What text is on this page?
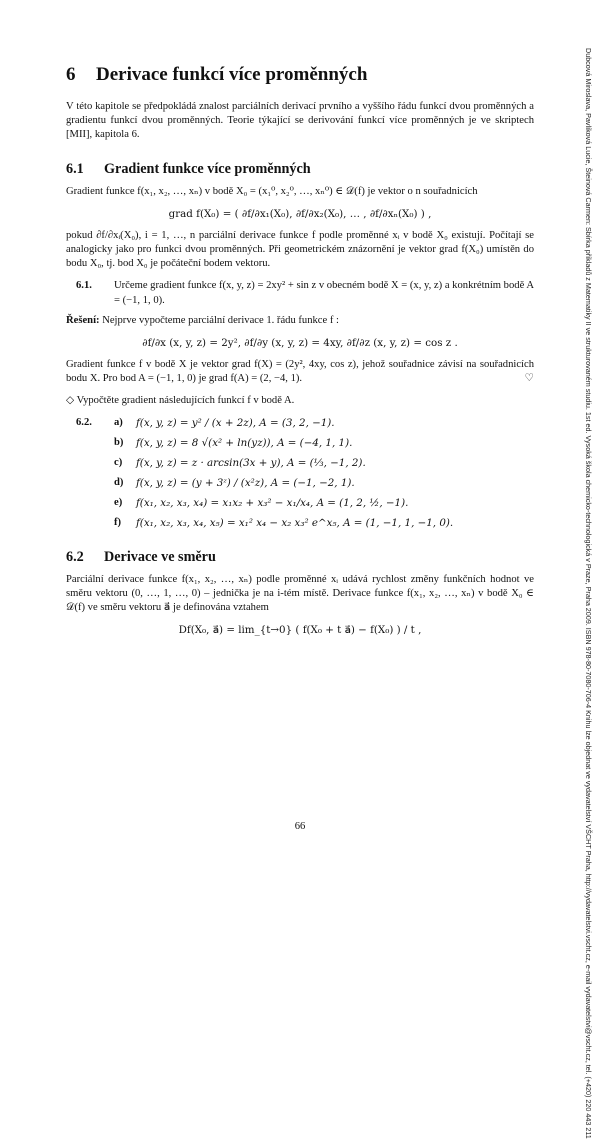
6 Derivace funkcí více proměnných

V této kapitole se předpokládá znalost parciálních derivací prvního a vyššího řádu funkcí dvou proměnných a gradientu funkcí dvou proměnných. Teorie týkající se derivování funkcí více proměnných je ve skriptech [MII], kapitola 6.

6.1 Gradient funkce více proměnných

Gradient funkce f(x₁, x₂, …, xₙ) v bodě X₀ = (x₁⁰, x₂⁰, …, xₙ⁰) ∈ 𝒟(f) je vektor o n souřadnicích

grad f(X₀) = ( ∂f/∂x₁(X₀), ∂f/∂x₂(X₀), … , ∂f/∂xₙ(X₀) ) ,

pokud ∂f/∂xᵢ(X₀), i = 1, …, n parciální derivace funkce f podle proměnné xᵢ v bodě X₀ existují. Počítají se analogicky jako pro funkci dvou proměnných. Při geometrickém znázornění je vektor grad f(X₀) umístěn do bodu X₀, tj. bod X₀ je počáteční bodem vektoru.

6.1.	Určeme gradient funkce f(x, y, z) = 2xy² + sin z v obecném bodě X = (x, y, z) a konkrétním bodě A = (−1, 1, 0).

Řešení: Nejprve vypočteme parciální derivace 1. řádu funkce f :

∂f/∂x (x, y, z) = 2y², ∂f/∂y (x, y, z) = 4xy, ∂f/∂z (x, y, z) = cos z .

Gradient funkce f v bodě X je vektor grad f(X) = (2y², 4xy, cos z), jehož souřadnice závisí na souřadnicích bodu X. Pro bod A = (−1, 1, 0) je grad f(A) = (2, −4, 1).	♡

◇ Vypočtěte gradient následujících funkcí f v bodě A.

6.2.	a)	f(x, y, z) = y² / (x + 2z), A = (3, 2, −1).
b)	f(x, y, z) = 8 √(x² + ln(yz)), A = (−4, 1, 1).
c)	f(x, y, z) = z · arcsin(3x + y), A = (⅓, −1, 2).
d)	f(x, y, z) = (y + 3ᶻ) / (x²z), A = (−1, −2, 1).
e)	f(x₁, x₂, x₃, x₄) = x₁x₂ + x₃² − x₁/x₄, A = (1, 2, ½, −1).
f)	f(x₁, x₂, x₃, x₄, x₅) = x₁² x₄ − x₂ x₃² e^x₅, A = (1, −1, 1, −1, 0).
6.2 Derivace ve směru

Parciální derivace funkce f(x₁, x₂, …, xₙ) podle proměnné xᵢ udává rychlost změny funkčních hodnot ve směru vektoru (0, …, 1, …, 0) – jednička je na i-tém místě. Derivace funkce f(x₁, x₂, …, xₙ) v bodě X₀ ∈ 𝒟(f) ve směru vektoru a⃗ je definována vztahem

Df(X₀, a⃗) = lim_{t→0} ( f(X₀ + t a⃗) − f(X₀) ) / t ,
66	Dubcová Miroslava, Pavlíková Lucie, Šteinová Carmen: Sbírka příkladů z Matematiky II ve strukturovaném studiu. 1st ed. Vysoká škola chemicko-technologická v Praze, Praha 2009. ISBN 978-80-7080-706-4 Knihu lze objednat ve vydavatelství VŠCHT Praha, http://vydavatelstvi.vscht.cz, e-mail vydavatelstvi@vscht.cz, tel. (+420) 220 443 211
